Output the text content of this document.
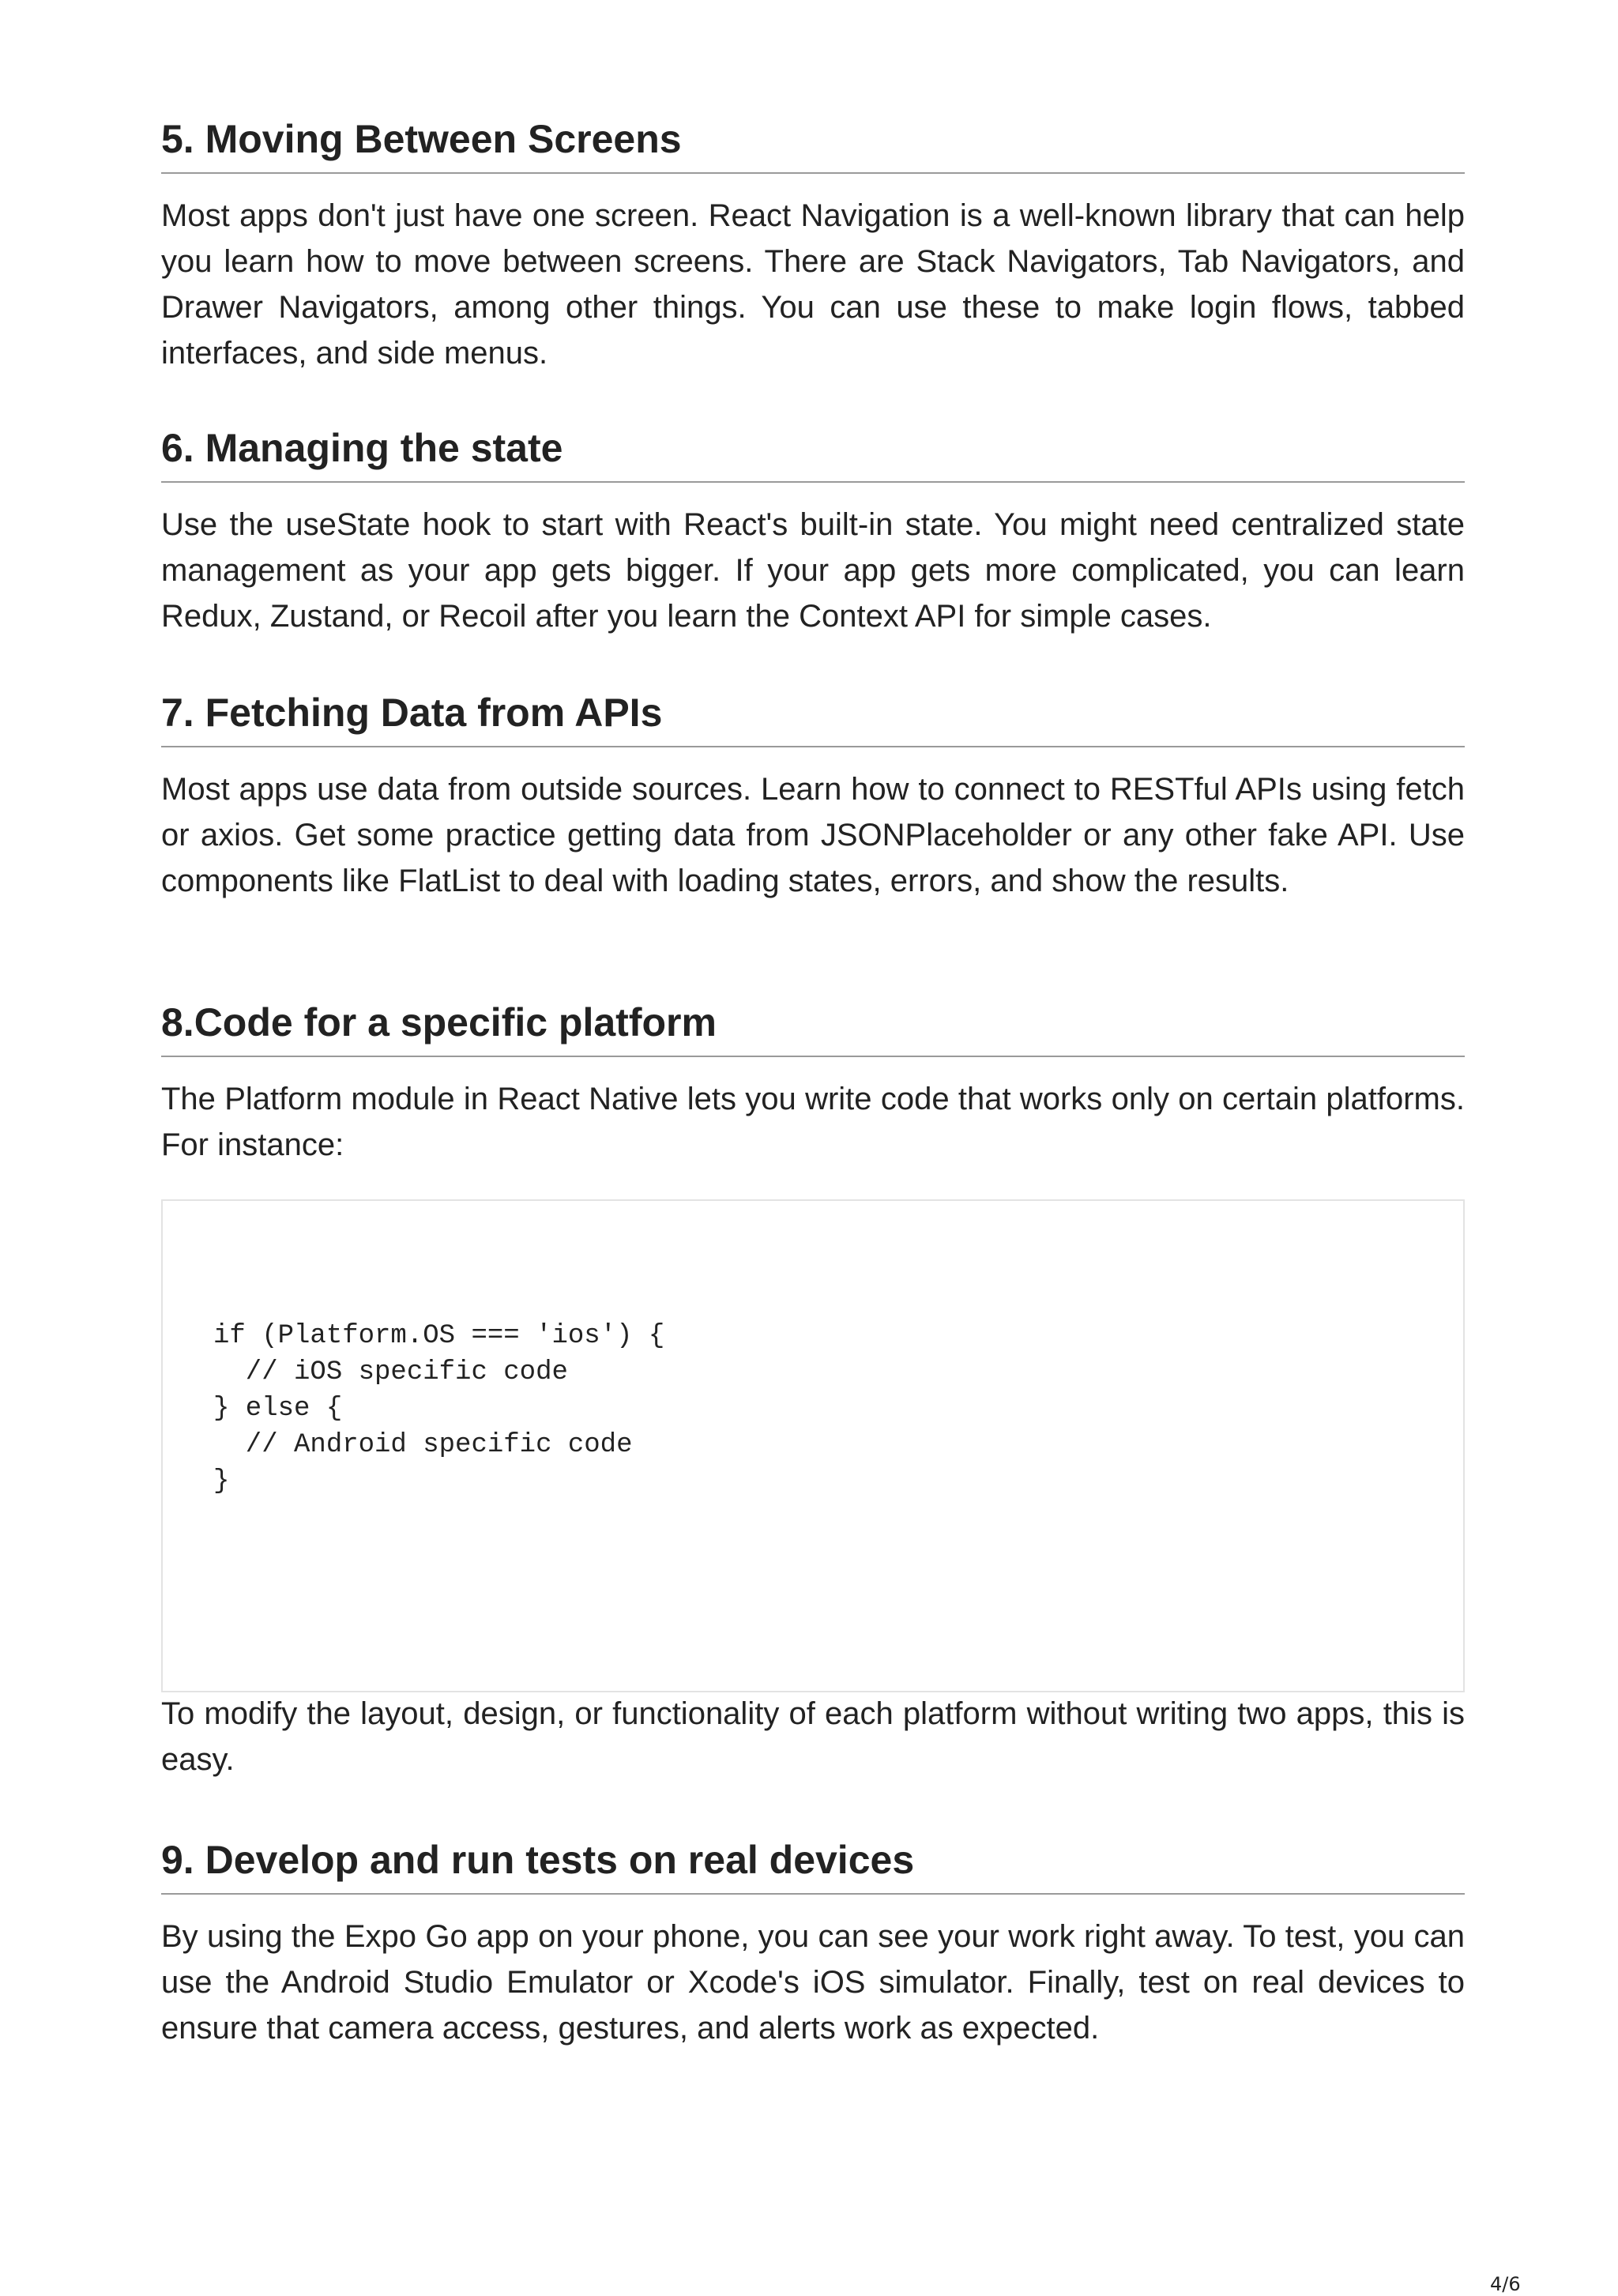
5. Moving Between Screens

Most apps don't just have one screen. React Navigation is a well-known library that can help you learn how to move between screens. There are Stack Navigators, Tab Navigators, and Drawer Navigators, among other things. You can use these to make login flows, tabbed interfaces, and side menus.

6. Managing the state

Use the useState hook to start with React's built-in state. You might need centralized state management as your app gets bigger. If your app gets more complicated, you can learn Redux, Zustand, or Recoil after you learn the Context API for simple cases.

7. Fetching Data from APIs

Most apps use data from outside sources. Learn how to connect to RESTful APIs using fetch or axios. Get some practice getting data from JSONPlaceholder or any other fake API. Use components like FlatList to deal with loading states, errors, and show the results.

8.Code for a specific platform

The Platform module in React Native lets you write code that works only on certain platforms. For instance:

if (Platform.OS === 'ios') {
// iOS specific code
} else {
// Android specific code
}

To modify the layout, design, or functionality of each platform without writing two apps, this is easy.

9. Develop and run tests on real devices

By using the Expo Go app on your phone, you can see your work right away. To test, you can use the Android Studio Emulator or Xcode's iOS simulator. Finally, test on real devices to ensure that camera access, gestures, and alerts work as expected.

4/6
